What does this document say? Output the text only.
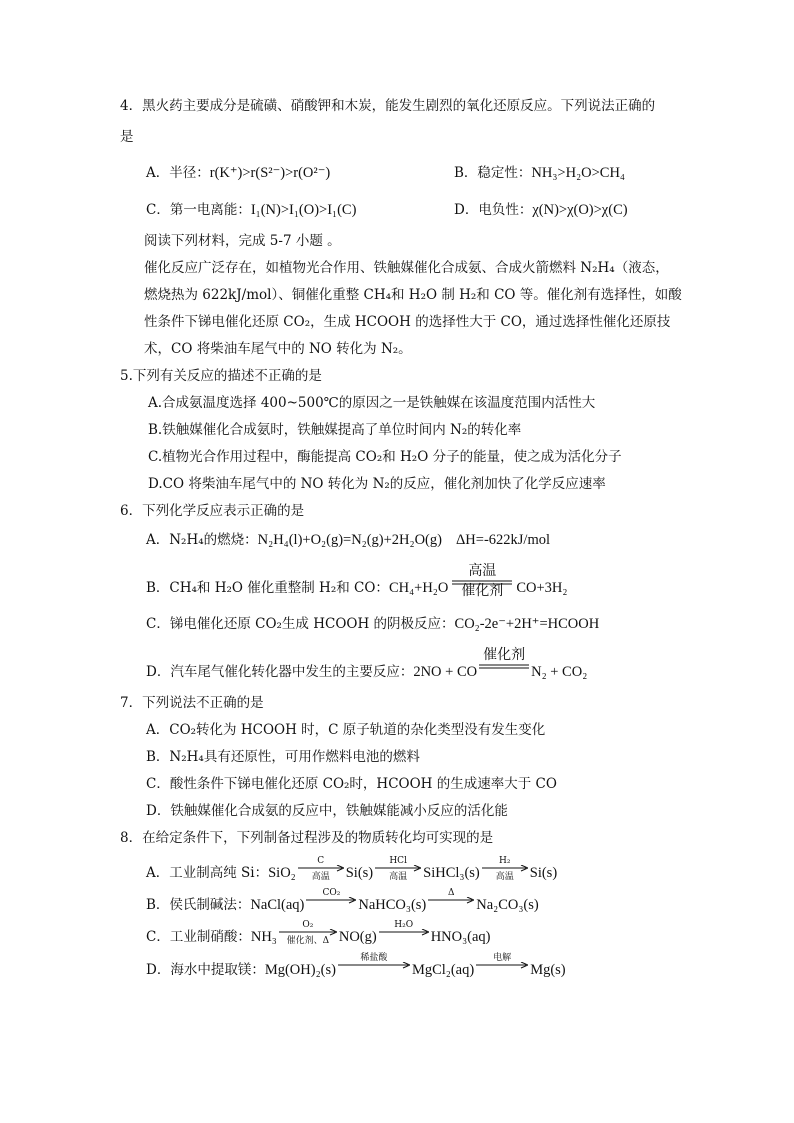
4．黑火药主要成分是硫磺、硝酸钾和木炭，能发生剧烈的氧化还原反应。下列说法正确的
是
A．半径：r(K⁺)>r(S²⁻)>r(O²⁻)	B．稳定性：NH₃>H₂O>CH₄
C．第一电离能：I₁(N)>I₁(O)>I₁(C)	D．电负性：χ(N)>χ(O)>χ(C)
阅读下列材料，完成 5-7 小题 。
催化反应广泛存在，如植物光合作用、铁触媒催化合成氨、合成火箭燃料 N₂H₄（液态，
燃烧热为 622kJ/mol）、铜催化重整 CH₄和 H₂O 制 H₂和 CO 等。催化剂有选择性，如酸
性条件下锑电催化还原 CO₂，生成 HCOOH 的选择性大于 CO，通过选择性催化还原技
术，CO 将柴油车尾气中的 NO 转化为 N₂。
5.下列有关反应的描述不正确的是
A.合成氨温度选择 400~500℃的原因之一是铁触媒在该温度范围内活性大
B.铁触媒催化合成氨时，铁触媒提高了单位时间内 N₂的转化率
C.植物光合作用过程中，酶能提高 CO₂和 H₂O 分子的能量，使之成为活化分子
D.CO 将柴油车尾气中的 NO 转化为 N₂的反应，催化剂加快了化学反应速率
6．下列化学反应表示正确的是
A．N₂H₄的燃烧：N₂H₄(l)+O₂(g)=N₂(g)+2H₂O(g) ΔH=-622kJ/mol
B．CH₄和 H₂O 催化重整制 H₂和 CO：CH₄+H₂O
高温
催化剂 CO+3H₂
C．锑电催化还原 CO₂生成 HCOOH 的阴极反应：CO₂-2e⁻+2H⁺=HCOOH
D．汽车尾气催化转化器中发生的主要反应：2NO + CO
催化剂
N₂ + CO₂
7．下列说法不正确的是
A．CO₂转化为 HCOOH 时，C 原子轨道的杂化类型没有发生变化
B．N₂H₄具有还原性，可用作燃料电池的燃料
C．酸性条件下锑电催化还原 CO₂时，HCOOH 的生成速率大于 CO
D．铁触媒催化合成氨的反应中，铁触媒能减小反应的活化能
8．在给定条件下，下列制备过程涉及的物质转化均可实现的是
A．工业制高纯 Si：SiO₂
C
高温	Si(s)
HCl
高温	SiHCl₃(s)
H₂
高温	Si(s)
B．侯氏制碱法：NaCl(aq)
CO₂
NaHCO₃(s)
Δ
Na₂CO₃(s)
C．工业制硝酸：NH₃
O₂
催化剂、Δ NO(g)
H₂O
HNO₃(aq)
D．海水中提取镁：Mg(OH)₂(s)
稀盐酸
MgCl₂(aq)
电解
Mg(s)
